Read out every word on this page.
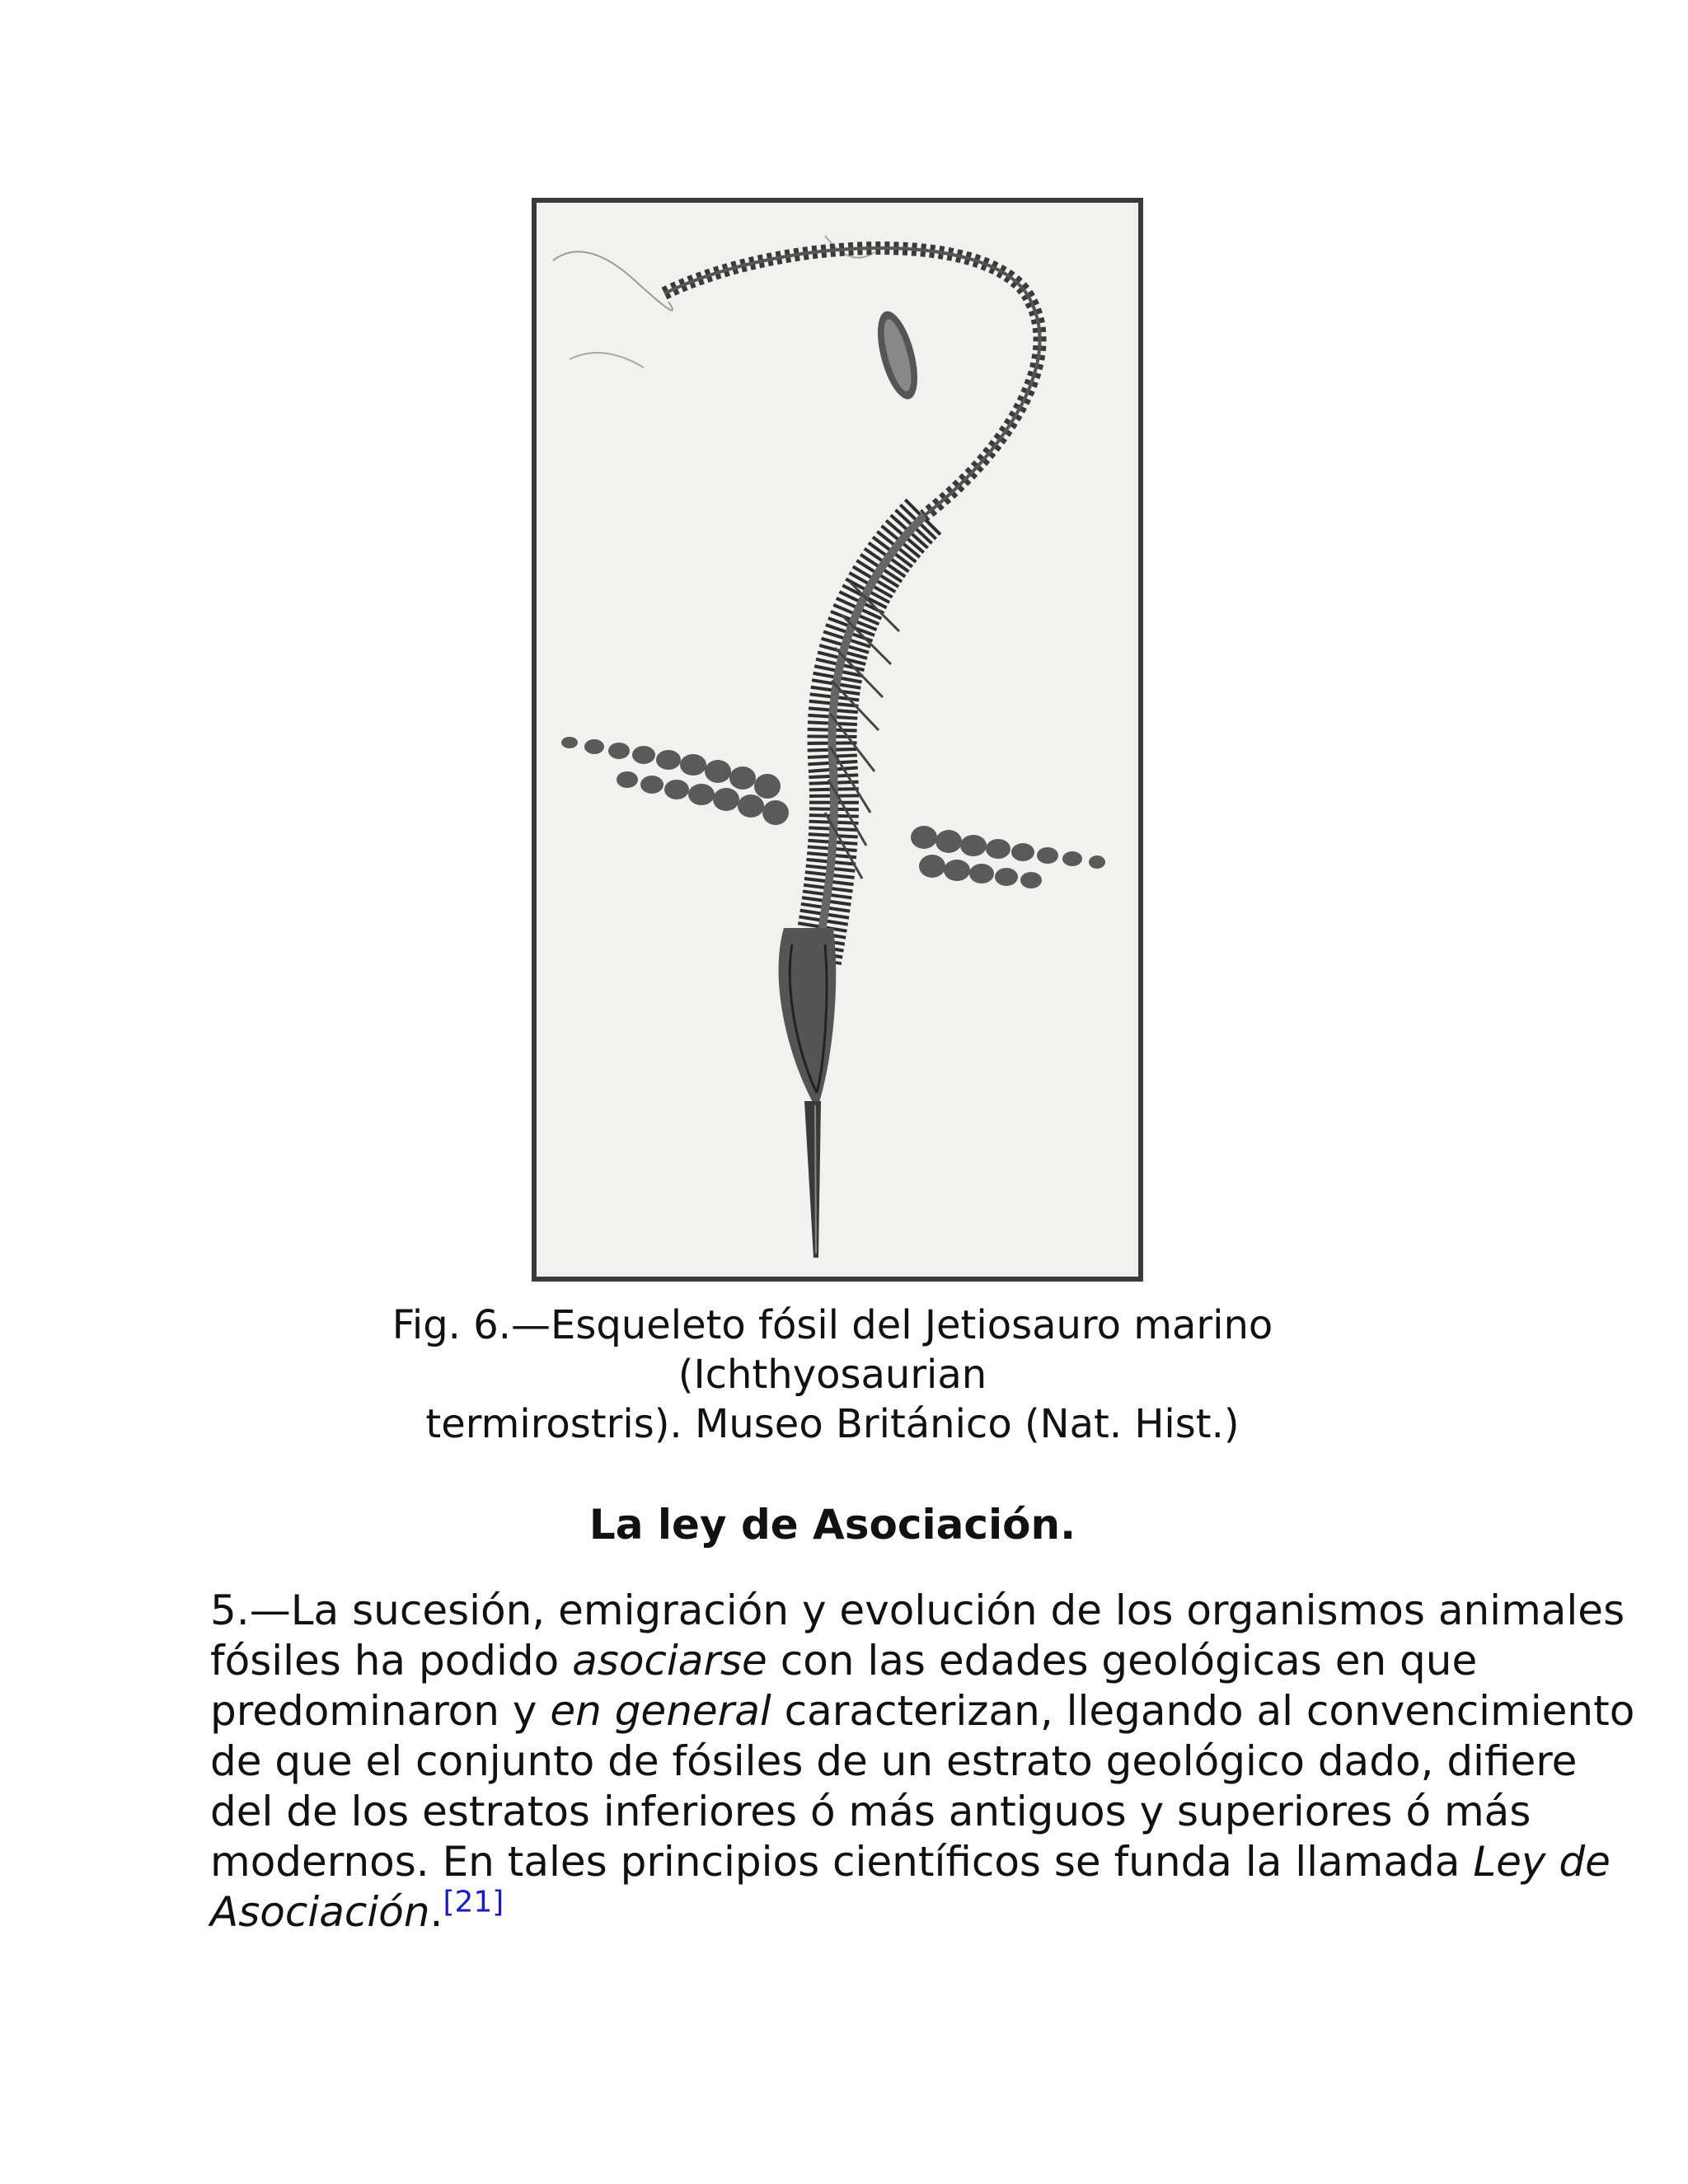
Fig. 6.—Esqueleto fósil del Jetiosauro marino (Ichthyosaurian
termirostris). Museo Británico (Nat. Hist.)
La ley de Asociación.
5.—La sucesión, emigración y evolución de los organismos animales
fósiles ha podido asociarse con las edades geológicas en que
predominaron y en general caracterizan, llegando al convencimiento
de que el conjunto de fósiles de un estrato geológico dado, difiere
del de los estratos inferiores ó más antiguos y superiores ó más
modernos. En tales principios científicos se funda la llamada Ley de
Asociación.[21]
